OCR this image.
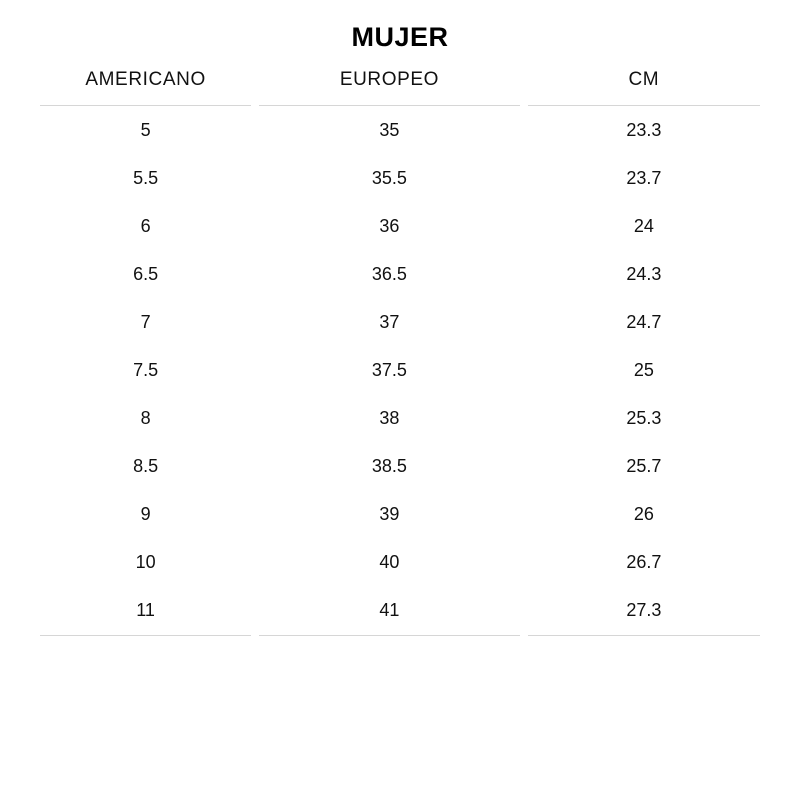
MUJER
AMERICANO		EUROPEO		CM
5		35		23.3
5.5		35.5		23.7
6		36		24
6.5		36.5		24.3
7		37		24.7
7.5		37.5		25
8		38		25.3
8.5		38.5		25.7
9		39		26
10		40		26.7
11		41		27.3
